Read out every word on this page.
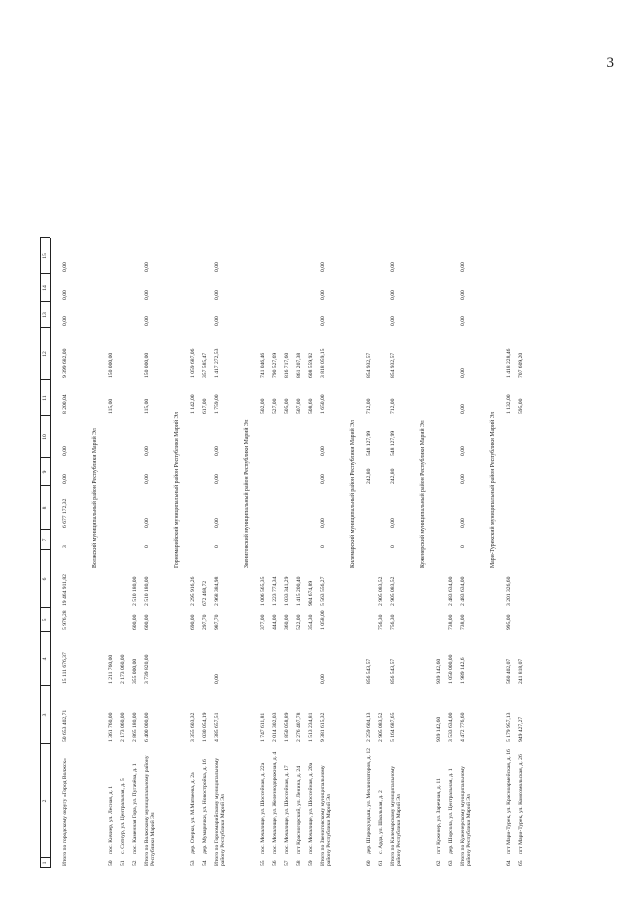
3
1
2
3
4
5
6
7
8
9
10
11
12
13
14
15
Итого по городскому округу «Город Волжск»
50 653 402,71
15 111 676,37
5 976,28
19 464 911,82
3
6 677 172,32
0,00
0,00
8 200,04
9 399 682,00
0,00
0,00
0,00
Волжский муниципальный район Республики Марий Эл
50
пос. Кичиер, ул. Лесная, д. 1
1 361 760,00
1 211 760,00
115,00
150 000,00
51
с. Сотнур, ул. Центральная, д. 5
2 173 060,00
2 173 060,00
52
пос. Каменная Гора, ул. Пугачёва, д. 1
2 865 180,00
355 000,00
600,00
2 510 180,00
Итого по Волжскому муниципальному району Республики Марий Эл
6 400 000,00
3 739 820,00
600,00
2 510 180,00
0
0,00
0,00
0,00
115,00
150 000,00
0,00
0,00
0,00
Горномарийский муниципальный район Республики Марий Эл
53
дер. Озерки, ул. М.Матвеева, д. 2а
3 355 603,32
690,00
2 295 916,26
1 142,00
1 059 687,06
54
дер. Мумарички, ул. Новостройка, д. 16
1 030 054,19
297,70
672 468,72
617,00
357 585,47
Итого по Горномарийскому муниципальному району Республики Марий Эл
4 385 657,51
0,00
987,70
2 968 384,98
0
0,00
0,00
0,00
1 759,00
1 417 272,53
0,00
0,00
0,00
Звениговский муниципальный район Республики Марий Эл
55
пос. Мочалище, ул. Шоссейная, д. 22а
1 747 611,81
377,00
1 006 565,35
502,00
741 046,46
56
пос. Мочалище, ул. Железнодорожная, д. 4
2 014 302,03
444,00
1 223 774,34
527,00
790 527,69
57
пос. Мочалище, ул. Шоссейная, д. 17
1 850 058,89
360,00
1 033 341,29
505,00
816 717,60
58
пгт Красногорский, ул. Ленина, д. 24
2 276 407,78
522,00
1 415 200,40
507,00
861 207,38
59
пос. Мочалище, ул. Шоссейная, д. 20а
1 513 234,81
354,30
904 674,89
508,60
608 559,92
Итого по Звениговскому муниципальному району Республики Марий Эл
9 381 615,32
0,00
1 058,00
5 563 556,27
0
0,00
0,00
0,00
1 650,00
3 818 059,15
0,00
0,00
0,00
Килемарский муниципальный район Республики Марий Эл
60
дер. Широкундыш, ул. Механизаторов, д. 12
2 259 604,13
856 543,57
242,80
548 127,99
712,00
854 932,57
61
с. Арда, ул. Школьная, д. 2
2 905 083,52
756,30
2 905 083,52
Итого по Килемарскому муниципальному району Республики Марий Эл
5 164 687,65
856 543,57
756,30
2 905 083,52
0
0,00
242,80
548 127,99
712,00
854 932,57
0,00
0,00
0,00
Куженерский муниципальный район Республики Марий Эл
62
пгт Куженер, ул. Заречная, д. 11
939 142,60
939 142,60
63
дер. Шорсола, ул. Центральная, д. 1
3 533 634,00
1 050 000,00
738,00
2 483 634,00
Итого по Куженерскому муниципальному району Республики Марий Эл
4 472 776,60
1 989 142,6
738,00
2 483 634,00
0
0,00
0,00
0,00
0,00
0,00
0,00
0,00
0,00
Мари-Турекский муниципальный район Республики Марий Эл
64
пгт Мари-Турек, ул. Красноармейская, д. 16
5 179 957,13
560 402,07
995,00
3 201 326,60
1 132,00
1 418 228,46
65
пгт Мари-Турек, ул. Комсомольская, д. 26
949 427,27
241 818,07
595,00
707 609,20
